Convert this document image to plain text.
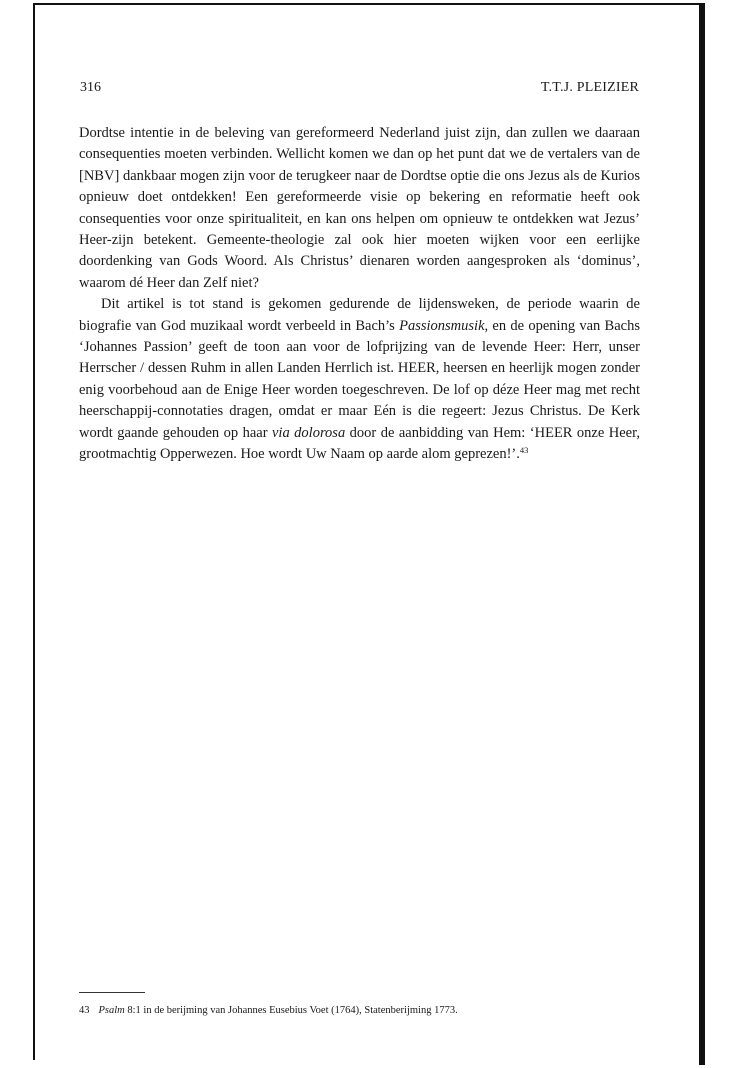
316	T.T.J. PLEIZIER

Dordtse intentie in de beleving van gereformeerd Nederland juist zijn, dan zullen we daaraan consequenties moeten verbinden. Wellicht komen we dan op het punt dat we de vertalers van de [NBV] dankbaar mogen zijn voor de terugkeer naar de Dordtse optie die ons Jezus als de Kurios opnieuw doet ontdekken! Een gereformeerde visie op bekering en reformatie heeft ook consequenties voor onze spiritualiteit, en kan ons helpen om opnieuw te ontdekken wat Jezus’ Heer-zijn betekent. Gemeente-theologie zal ook hier moeten wijken voor een eerlijke doordenking van Gods Woord. Als Christus’ dienaren worden aangesproken als ‘dominus’, waarom dé Heer dan Zelf niet?

Dit artikel is tot stand is gekomen gedurende de lijdensweken, de periode waarin de biografie van God muzikaal wordt verbeeld in Bach’s Passionsmusik, en de opening van Bachs ‘Johannes Passion’ geeft de toon aan voor de lofprijzing van de levende Heer: Herr, unser Herrscher / dessen Ruhm in allen Landen Herrlich ist. HEER, heersen en heerlijk mogen zonder enig voorbehoud aan de Enige Heer worden toegeschreven. De lof op déze Heer mag met recht heerschappij-connotaties dragen, omdat er maar Eén is die regeert: Jezus Christus. De Kerk wordt gaande gehouden op haar via dolorosa door de aanbidding van Hem: ‘HEER onze Heer, grootmachtig Opperwezen. Hoe wordt Uw Naam op aarde alom geprezen!’.$^{43}$

43 Psalm 8:1 in de berijming van Johannes Eusebius Voet (1764), Statenberijming 1773.
